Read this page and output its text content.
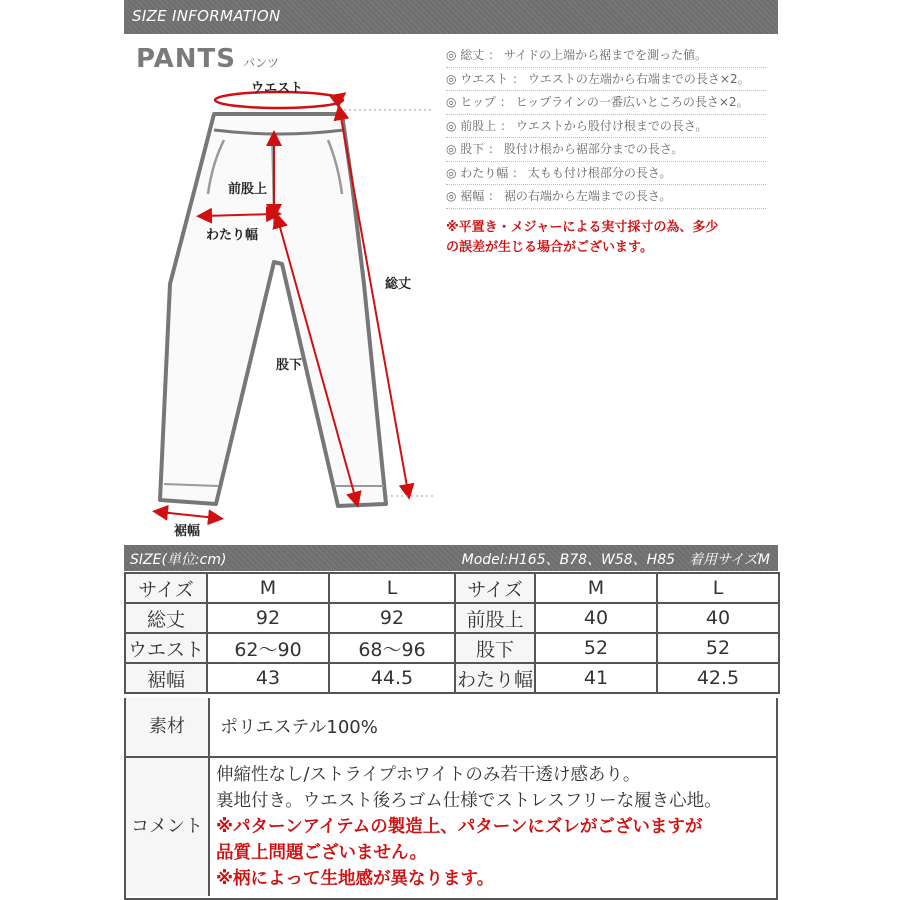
SIZE INFORMATION
PANTS パンツ
ウエスト
前股上
わたり幅
総丈
股下
裾幅
◎ 総丈 ： サイドの上端から裾までを測った値。
◎ ウエスト ： ウエストの左端から右端までの長さ×2。
◎ ヒップ ： ヒップラインの一番広いところの長さ×2。
◎ 前股上 ： ウエストから股付け根までの長さ。
◎ 股下 ： 股付け根から裾部分までの長さ。
◎ わたり幅 ： 太もも付け根部分の長さ。
◎ 裾幅 ： 裾の右端から左端までの長さ。
※平置き・メジャーによる実寸採寸の為、多少
の誤差が生じる場合がございます。
SIZE(単位:cm)	Model:H165、B78、W58、H85　着用サイズM
サイズ	M	L	サイズ	M	L
総丈	92	92	前股上	40	40
ウエスト	62〜90	68〜96	股下	52	52
裾幅	43	44.5	わたり幅	41	42.5
素材	ポリエステル100%
コメント
伸縮性なし/ストライプホワイトのみ若干透け感あり。
裏地付き。ウエスト後ろゴム仕様でストレスフリーな履き心地。
※パターンアイテムの製造上、パターンにズレがございますが
品質上問題ございません。
※柄によって生地感が異なります。
